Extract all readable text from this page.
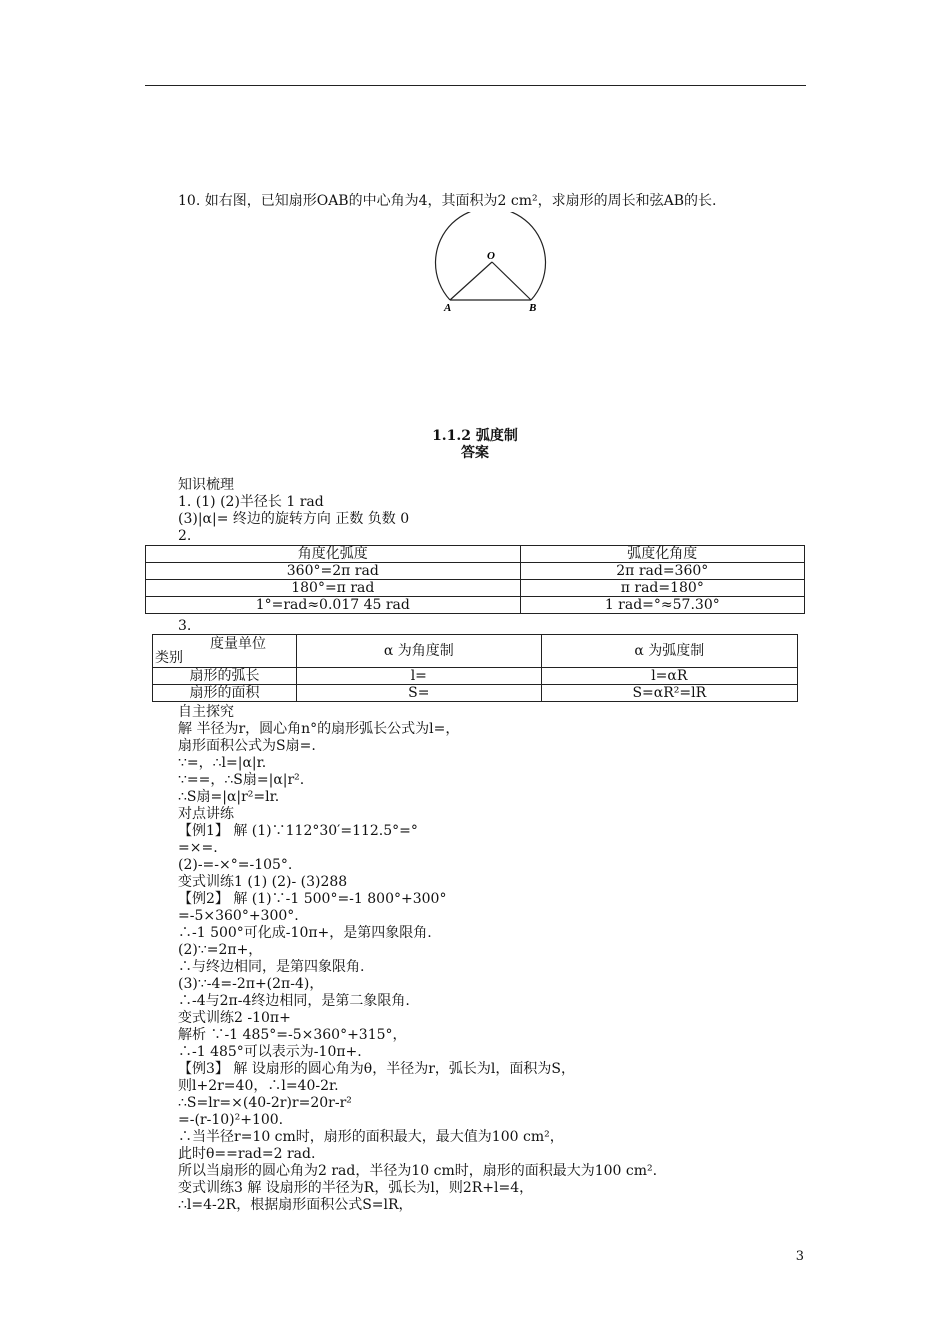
10. 如右图，已知扇形OAB的中心角为4，其面积为2 cm²，求扇形的周长和弦AB的长.
O
A	B
1.1.2 弧度制
答案
知识梳理
1. (1) (2)半径长 1 rad
(3)|α|= 终边的旋转方向 正数 负数 0
2.
角度化弧度	弧度化角度
360°=2π rad	2π rad=360°
180°=π rad	π rad=180°
1°=rad≈0.017 45 rad	1 rad=°≈57.30°
3.
度量单位
类别	α 为角度制	α 为弧度制
扇形的弧长	l=	l=αR
扇形的面积	S=	S=αR²=lR
自主探究
解 半径为r，圆心角n°的扇形弧长公式为l=，
扇形面积公式为S扇=.
∵=，∴l=|α|r.
∵==，∴S扇=|α|r².
∴S扇=|α|r²=lr.
对点讲练
【例1】 解 (1)∵112°30′=112.5°=°
=×=.
(2)-=-×°=-105°.
变式训练1 (1) (2)- (3)288
【例2】 解 (1)∵-1 500°=-1 800°+300°
=-5×360°+300°.
∴-1 500°可化成-10π+，是第四象限角.
(2)∵=2π+，
∴与终边相同，是第四象限角.
(3)∵-4=-2π+(2π-4)，
∴-4与2π-4终边相同，是第二象限角.
变式训练2 -10π+
解析 ∵-1 485°=-5×360°+315°，
∴-1 485°可以表示为-10π+.
【例3】 解 设扇形的圆心角为θ，半径为r，弧长为l，面积为S，
则l+2r=40，∴l=40-2r.
∴S=lr=×(40-2r)r=20r-r²
=-(r-10)²+100.
∴当半径r=10 cm时，扇形的面积最大，最大值为100 cm²，
此时θ==rad=2 rad.
所以当扇形的圆心角为2 rad，半径为10 cm时，扇形的面积最大为100 cm².
变式训练3 解 设扇形的半径为R，弧长为l，则2R+l=4，
∴l=4-2R，根据扇形面积公式S=lR，
3
